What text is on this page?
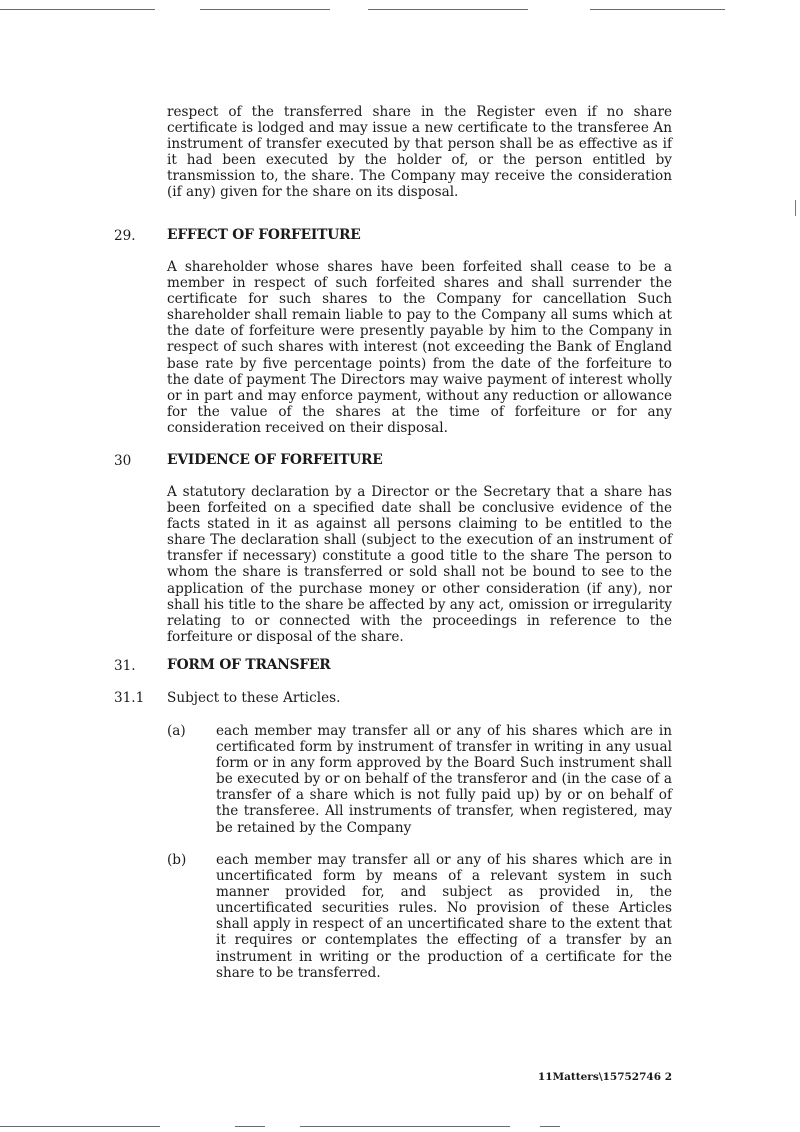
respect of the transferred share in the Register even if no share certificate is lodged and may issue a new certificate to the transferee An instrument of transfer executed by that person shall be as effective as if it had been executed by the holder of, or the person entitled by transmission to, the share. The Company may receive the consideration (if any) given for the share on its disposal.

29. EFFECT OF FORFEITURE

A shareholder whose shares have been forfeited shall cease to be a member in respect of such forfeited shares and shall surrender the certificate for such shares to the Company for cancellation Such shareholder shall remain liable to pay to the Company all sums which at the date of forfeiture were presently payable by him to the Company in respect of such shares with interest (not exceeding the Bank of England base rate by five percentage points) from the date of the forfeiture to the date of payment The Directors may waive payment of interest wholly or in part and may enforce payment, without any reduction or allowance for the value of the shares at the time of forfeiture or for any consideration received on their disposal.

30	EVIDENCE OF FORFEITURE

A statutory declaration by a Director or the Secretary that a share has been forfeited on a specified date shall be conclusive evidence of the facts stated in it as against all persons claiming to be entitled to the share The declaration shall (subject to the execution of an instrument of transfer if necessary) constitute a good title to the share The person to whom the share is transferred or sold shall not be bound to see to the application of the purchase money or other consideration (if any), nor shall his title to the share be affected by any act, omission or irregularity relating to or connected with the proceedings in reference to the forfeiture or disposal of the share.

31. FORM OF TRANSFER
31.1 Subject to these Articles.
(a) each member may transfer all or any of his shares which are in certificated form by instrument of transfer in writing in any usual form or in any form approved by the Board Such instrument shall be executed by or on behalf of the transferor and (in the case of a transfer of a share which is not fully paid up) by or on behalf of the transferee. All instruments of transfer, when registered, may be retained by the Company

(b) each member may transfer all or any of his shares which are in uncertificated form by means of a relevant system in such manner provided for, and subject as provided in, the uncertificated securities rules. No provision of these Articles shall apply in respect of an uncertificated share to the extent that it requires or contemplates the effecting of a transfer by an instrument in writing or the production of a certificate for the share to be transferred.

11Matters\15752746 2
